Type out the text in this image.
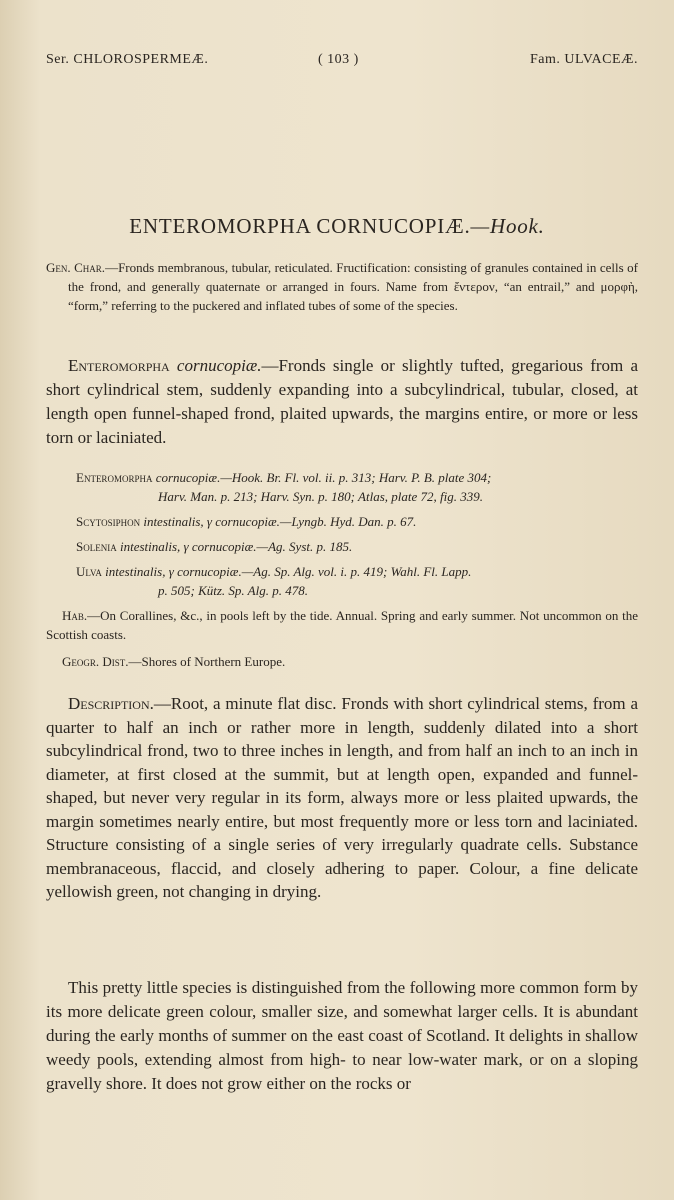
Ser. CHLOROSPERMEÆ.	( 103 )	Fam. ULVACEÆ.
ENTEROMORPHA CORNUCOPIÆ.—Hook.

Gen. Char.—Fronds membranous, tubular, reticulated. Fructification: consisting of granules contained in cells of the frond, and generally quaternate or arranged in fours. Name from ἔντερον, “an entrail,” and μορφὴ, “form,” referring to the puckered and inflated tubes of some of the species.

Enteromorpha cornucopiæ.—Fronds single or slightly tufted, gregarious from a short cylindrical stem, suddenly expanding into a subcylindrical, tubular, closed, at length open funnel-shaped frond, plaited upwards, the margins entire, or more or less torn or laciniated.

Enteromorpha cornucopiæ.—Hook. Br. Fl. vol. ii. p. 313; Harv. P. B. plate 304;

Harv. Man. p. 213; Harv. Syn. p. 180; Atlas, plate 72, fig. 339.

Scytosiphon intestinalis, γ cornucopiæ.—Lyngb. Hyd. Dan. p. 67.

Solenia intestinalis, γ cornucopiæ.—Ag. Syst. p. 185.

Ulva intestinalis, γ cornucopiæ.—Ag. Sp. Alg. vol. i. p. 419; Wahl. Fl. Lapp.

p. 505; Kütz. Sp. Alg. p. 478.

Hab.—On Corallines, &c., in pools left by the tide. Annual. Spring and early summer. Not uncommon on the Scottish coasts.

Geogr. Dist.—Shores of Northern Europe.

Description.—Root, a minute flat disc. Fronds with short cylindrical stems, from a quarter to half an inch or rather more in length, suddenly dilated into a short subcylindrical frond, two to three inches in length, and from half an inch to an inch in diameter, at first closed at the summit, but at length open, expanded and funnel-shaped, but never very regular in its form, always more or less plaited upwards, the margin sometimes nearly entire, but most frequently more or less torn and laciniated. Structure consisting of a single series of very irregularly quadrate cells. Substance membranaceous, flaccid, and closely adhering to paper. Colour, a fine delicate yellowish green, not changing in drying.

This pretty little species is distinguished from the following more common form by its more delicate green colour, smaller size, and somewhat larger cells. It is abundant during the early months of summer on the east coast of Scotland. It delights in shallow weedy pools, extending almost from high- to near low-water mark, or on a sloping gravelly shore. It does not grow either on the rocks or
